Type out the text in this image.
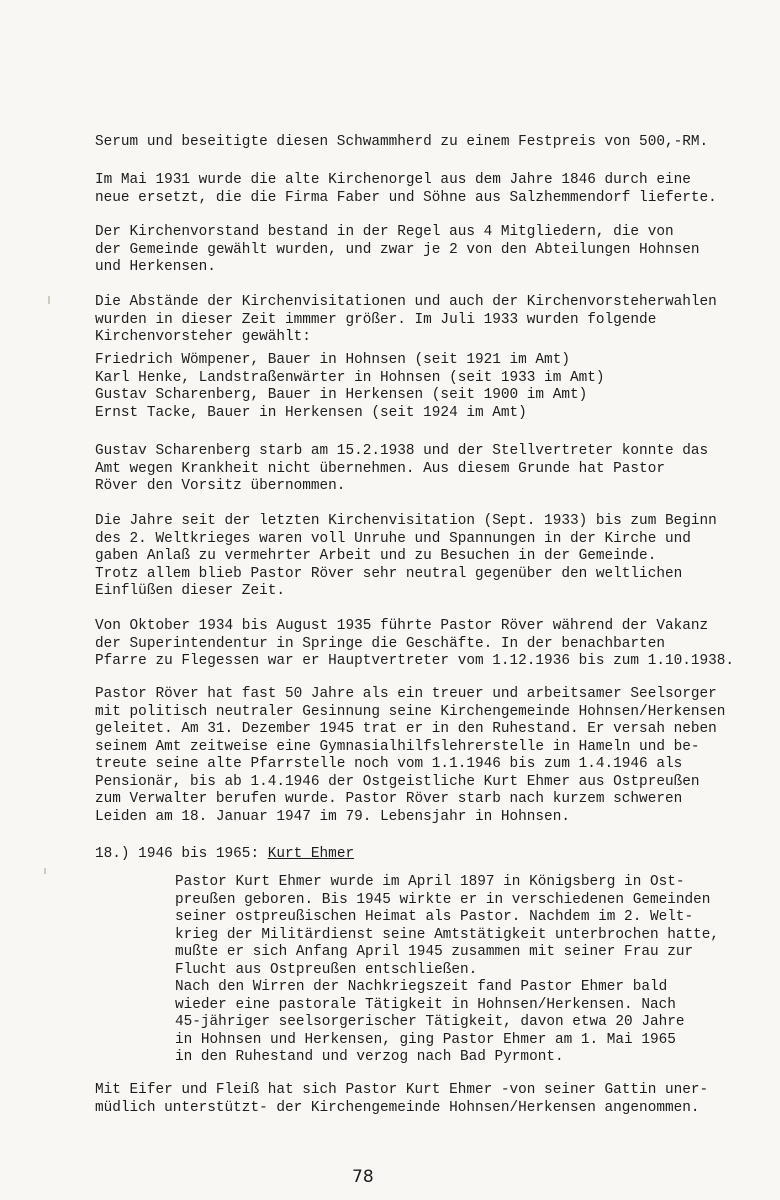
Serum und beseitigte diesen Schwammherd zu einem Festpreis von 500,-RM.
Im Mai 1931 wurde die alte Kirchenorgel aus dem Jahre 1846 durch eine
neue ersetzt, die die Firma Faber und Söhne aus Salzhemmendorf lieferte.
Der Kirchenvorstand bestand in der Regel aus 4 Mitgliedern, die von
der Gemeinde gewählt wurden, und zwar je 2 von den Abteilungen Hohnsen
und Herkensen.
Die Abstände der Kirchenvisitationen und auch der Kirchenvorsteherwahlen
wurden in dieser Zeit immmer größer. Im Juli 1933 wurden folgende
Kirchenvorsteher gewählt:
Friedrich Wömpener, Bauer in Hohnsen (seit 1921 im Amt)
Karl Henke, Landstraßenwärter in Hohnsen (seit 1933 im Amt)
Gustav Scharenberg, Bauer in Herkensen (seit 1900 im Amt)
Ernst Tacke, Bauer in Herkensen (seit 1924 im Amt)
Gustav Scharenberg starb am 15.2.1938 und der Stellvertreter konnte das
Amt wegen Krankheit nicht übernehmen. Aus diesem Grunde hat Pastor
Röver den Vorsitz übernommen.
Die Jahre seit der letzten Kirchenvisitation (Sept. 1933) bis zum Beginn
des 2. Weltkrieges waren voll Unruhe und Spannungen in der Kirche und
gaben Anlaß zu vermehrter Arbeit und zu Besuchen in der Gemeinde.
Trotz allem blieb Pastor Röver sehr neutral gegenüber den weltlichen
Einflüßen dieser Zeit.
Von Oktober 1934 bis August 1935 führte Pastor Röver während der Vakanz
der Superintendentur in Springe die Geschäfte. In der benachbarten
Pfarre zu Flegessen war er Hauptvertreter vom 1.12.1936 bis zum 1.10.1938.
Pastor Röver hat fast 50 Jahre als ein treuer und arbeitsamer Seelsorger
mit politisch neutraler Gesinnung seine Kirchengemeinde Hohnsen/Herkensen
geleitet. Am 31. Dezember 1945 trat er in den Ruhestand. Er versah neben
seinem Amt zeitweise eine Gymnasialhilfslehrerstelle in Hameln und be-
treute seine alte Pfarrstelle noch vom 1.1.1946 bis zum 1.4.1946 als
Pensionär, bis ab 1.4.1946 der Ostgeistliche Kurt Ehmer aus Ostpreußen
zum Verwalter berufen wurde. Pastor Röver starb nach kurzem schweren
Leiden am 18. Januar 1947 im 79. Lebensjahr in Hohnsen.
18.) 1946 bis 1965: Kurt Ehmer
Pastor Kurt Ehmer wurde im April 1897 in Königsberg in Ost-
preußen geboren. Bis 1945 wirkte er in verschiedenen Gemeinden
seiner ostpreußischen Heimat als Pastor. Nachdem im 2. Welt-
krieg der Militärdienst seine Amtstätigkeit unterbrochen hatte,
mußte er sich Anfang April 1945 zusammen mit seiner Frau zur
Flucht aus Ostpreußen entschließen.
Nach den Wirren der Nachkriegszeit fand Pastor Ehmer bald
wieder eine pastorale Tätigkeit in Hohnsen/Herkensen. Nach
45-jähriger seelsorgerischer Tätigkeit, davon etwa 20 Jahre
in Hohnsen und Herkensen, ging Pastor Ehmer am 1. Mai 1965
in den Ruhestand und verzog nach Bad Pyrmont.
Mit Eifer und Fleiß hat sich Pastor Kurt Ehmer -von seiner Gattin uner-
müdlich unterstützt- der Kirchengemeinde Hohnsen/Herkensen angenommen.
78
